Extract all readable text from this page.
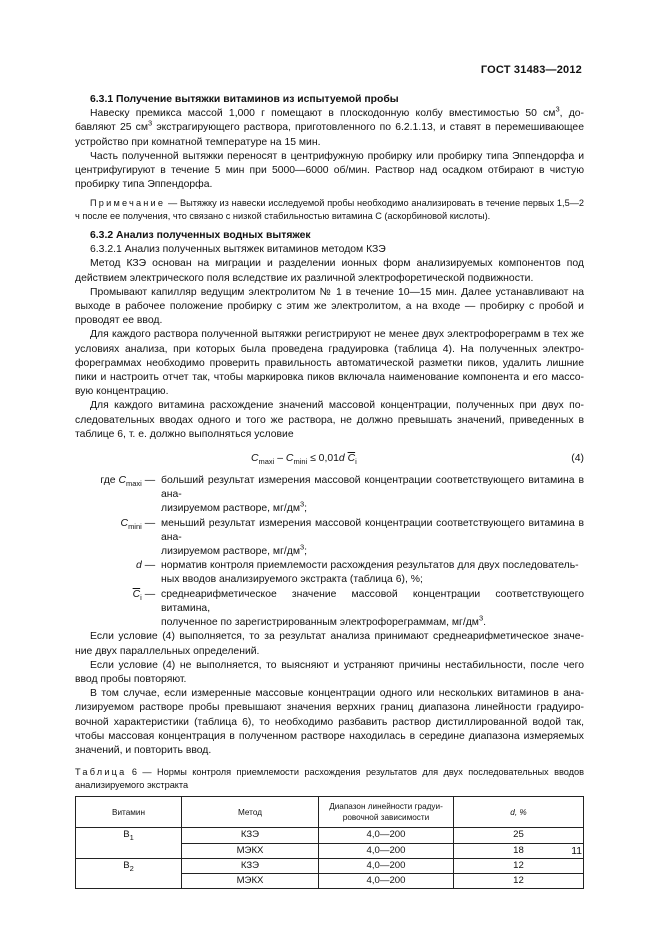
ГОСТ 31483—2012

6.3.1 Получение вытяжки витаминов из испытуемой пробы

Навеску премикса массой 1,000 г помещают в плоскодонную колбу вместимостью 50 $см^3$, до-бавляют 25 $см^3$ экстрагирующего раствора, приготовленного по 6.2.1.13, и ставят в перемешивающее устройство при комнатной температуре на 15 мин.

Часть полученной вытяжки переносят в центрифужную пробирку или пробирку типа Эппендорфа и центрифугируют в течение 5 мин при 5000—6000 об/мин. Раствор над осадком отбирают в чистую пробирку типа Эппендорфа.

Примечание — Вытяжку из навески исследуемой пробы необходимо анализировать в течение первых 1,5—2 ч после ее получения, что связано с низкой стабильностью витамина С (аскорбиновой кислоты).

6.3.2 Анализ полученных водных вытяжек

6.3.2.1 Анализ полученных вытяжек витаминов методом КЗЭ

Метод КЗЭ основан на миграции и разделении ионных форм анализируемых компонентов под действием электрического поля вследствие их различной электрофоретической подвижности.

Промывают капилляр ведущим электролитом № 1 в течение 10—15 мин. Далее устанавливают на выходе в рабочее положение пробирку с этим же электролитом, а на входе — пробирку с пробой и проводят ее ввод.

Для каждого раствора полученной вытяжки регистрируют не менее двух электрофореграмм в тех же условиях анализа, при которых была проведена градуировка (таблица 4). На полученных электро-фореграммах необходимо проверить правильность автоматической разметки пиков, удалить лишние пики и настроить отчет так, чтобы маркировка пиков включала наименование компонента и его массо-вую концентрацию.

Для каждого витамина расхождение значений массовой концентрации, полученных при двух по-следовательных вводах одного и того же раствора, не должно превышать значений, приведенных в таблице 6, т. е. должно выполняться условие

$C_{maxi} - C_{mini} \le 0,01d$ $\overline{C}_i$	(4)
где $C_{maxi}$ — больший результат измерения массовой концентрации соответствующего витамина в ана-
лизируемом растворе, $мг/дм^3$;
$C_{mini}$ — меньший результат измерения массовой концентрации соответствующего витамина в ана-
лизируемом растворе, $мг/дм^3$;
d — норматив контроля приемлемости расхождения результатов для двух последователь-
ных вводов анализируемого экстракта (таблица 6), %;
$\overline{C}_i$ — среднеарифметическое значение массовой концентрации соответствующего витамина,
полученное по зарегистрированным электрофореграммам, $мг/дм^3$.

Если условие (4) выполняется, то за результат анализа принимают среднеарифметическое значе-ние двух параллельных определений.

Если условие (4) не выполняется, то выясняют и устраняют причины нестабильности, после чего ввод пробы повторяют.

В том случае, если измеренные массовые концентрации одного или нескольких витаминов в ана-лизируемом растворе пробы превышают значения верхних границ диапазона линейности градуиро-вочной характеристики (таблица 6), то необходимо разбавить раствор дистиллированной водой так, чтобы массовая концентрация в полученном растворе находилась в середине диапазона измеряемых значений, и повторить ввод.

Таблица 6 — Нормы контроля приемлемости расхождения результатов для двух последовательных вводов анализируемого экстракта

Витамин	Метод	Диапазон линейности градуи-ровочной зависимости	d, %
$B_1$	КЗЭ	4,0—200	25
	МЭКХ	4,0—200	18
$B_2$	КЗЭ	4,0—200	12
	МЭКХ	4,0—200	12
11
